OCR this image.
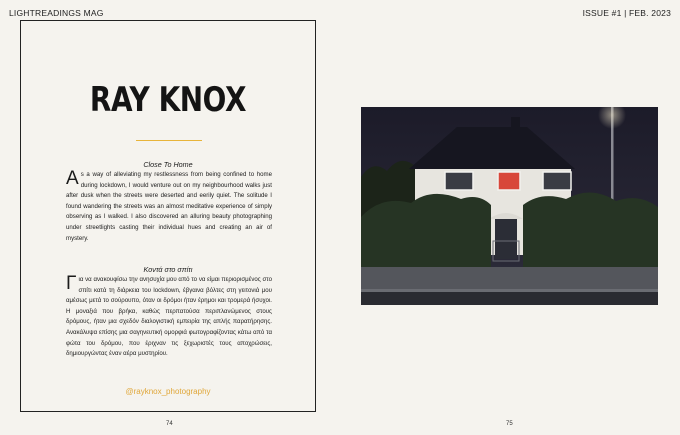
LIGHTREADINGS MAG	ISSUE #1 | FEB. 2023
RAY KNOX
Close To Home
As a way of alleviating my restlessness from being confined to home during lockdown, I would venture out on my neighbourhood walks just after dusk when the streets were deserted and eerily quiet. The solitude I found wandering the streets was an almost meditative experience of simply observing as I walked. I also discovered an alluring beauty photographing under streetlights casting their individual hues and creating an air of mystery.
Κοντά στο σπίτι
Για να ανακουφίσω την ανησυχία μου από το να είμαι περιορισμένος στο σπίτι κατά τη διάρκεια του lockdown, έβγαινα βόλτες στη γειτονιά μου αμέσως μετά το σούρουπο, όταν οι δρόμοι ήταν έρημοι και τρομερά ήσυχοι. Η μοναξιά που βρήκα, καθώς περπατούσα περιπλανώμενος στους δρόμους, ήταν μια σχεδόν διαλογιστική εμπειρία της απλής παρατήρησης. Ανακάλυψα επίσης μια σαγηνευτική ομορφιά φωτογραφίζοντας κάτω από τα φώτα του δρόμου, που έριχναν τις ξεχωριστές τους αποχρώσεις, δημιουργώντας έναν αέρα μυστηρίου.
@rayknox_photography
74	75
